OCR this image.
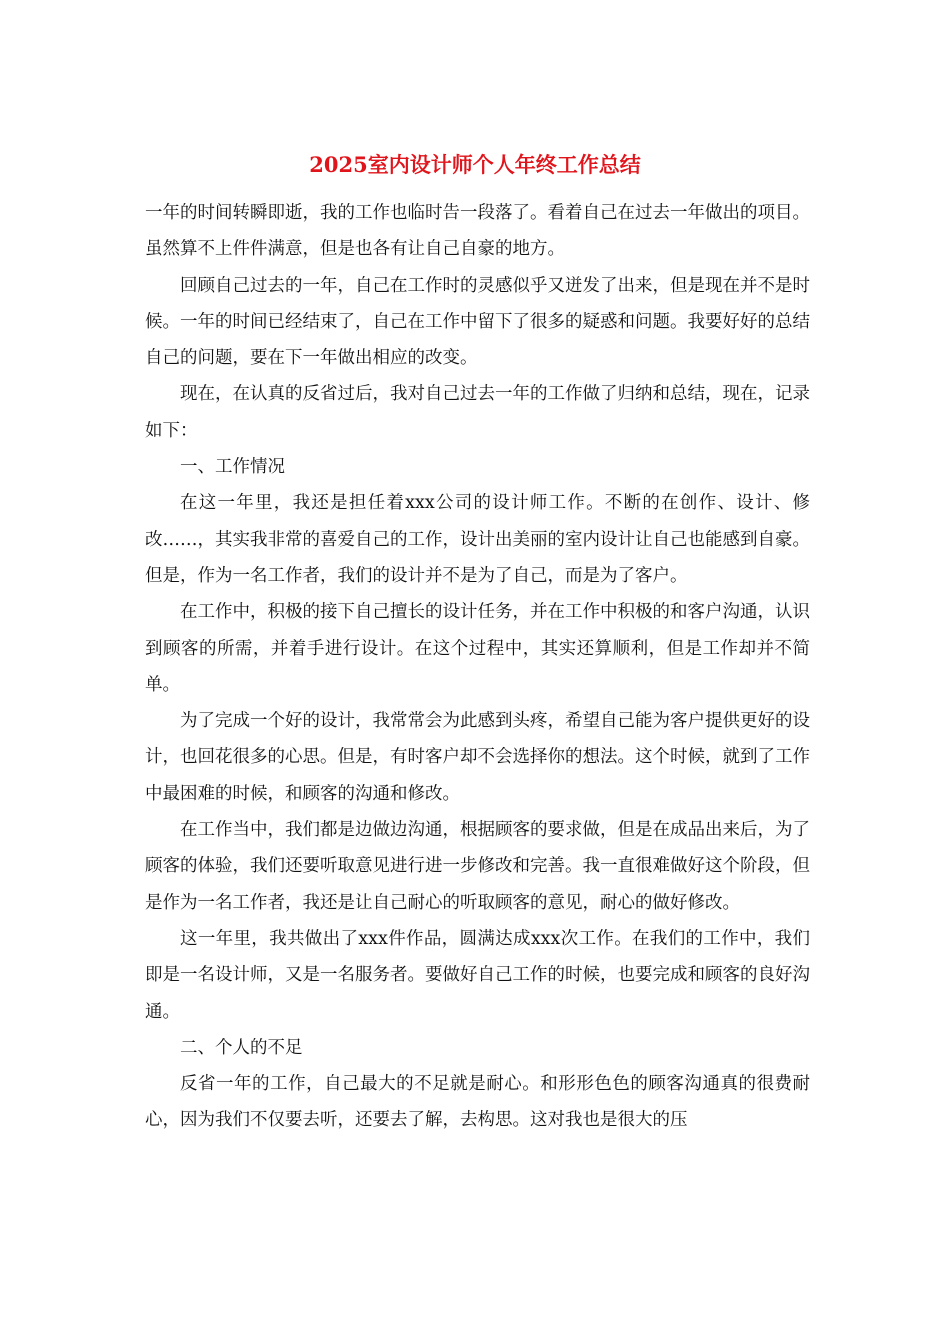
2025室内设计师个人年终工作总结

一年的时间转瞬即逝，我的工作也临时告一段落了。看着自己在过去一年做出的项目。虽然算不上件件满意，但是也各有让自己自豪的地方。

回顾自己过去的一年，自己在工作时的灵感似乎又迸发了出来，但是现在并不是时候。一年的时间已经结束了，自己在工作中留下了很多的疑惑和问题。我要好好的总结自己的问题，要在下一年做出相应的改变。

现在，在认真的反省过后，我对自己过去一年的工作做了归纳和总结，现在，记录如下：

一、工作情况

在这一年里，我还是担任着xxx公司的设计师工作。不断的在创作、设计、修改……，其实我非常的喜爱自己的工作，设计出美丽的室内设计让自己也能感到自豪。但是，作为一名工作者，我们的设计并不是为了自己，而是为了客户。

在工作中，积极的接下自己擅长的设计任务，并在工作中积极的和客户沟通，认识到顾客的所需，并着手进行设计。在这个过程中，其实还算顺利，但是工作却并不简单。

为了完成一个好的设计，我常常会为此感到头疼，希望自己能为客户提供更好的设计，也回花很多的心思。但是，有时客户却不会选择你的想法。这个时候，就到了工作中最困难的时候，和顾客的沟通和修改。

在工作当中，我们都是边做边沟通，根据顾客的要求做，但是在成品出来后，为了顾客的体验，我们还要听取意见进行进一步修改和完善。我一直很难做好这个阶段，但是作为一名工作者，我还是让自己耐心的听取顾客的意见，耐心的做好修改。

这一年里，我共做出了xxx件作品，圆满达成xxx次工作。在我们的工作中，我们即是一名设计师，又是一名服务者。要做好自己工作的时候，也要完成和顾客的良好沟通。

二、个人的不足

反省一年的工作，自己最大的不足就是耐心。和形形色色的顾客沟通真的很费耐心，因为我们不仅要去听，还要去了解，去构思。这对我也是很大的压
